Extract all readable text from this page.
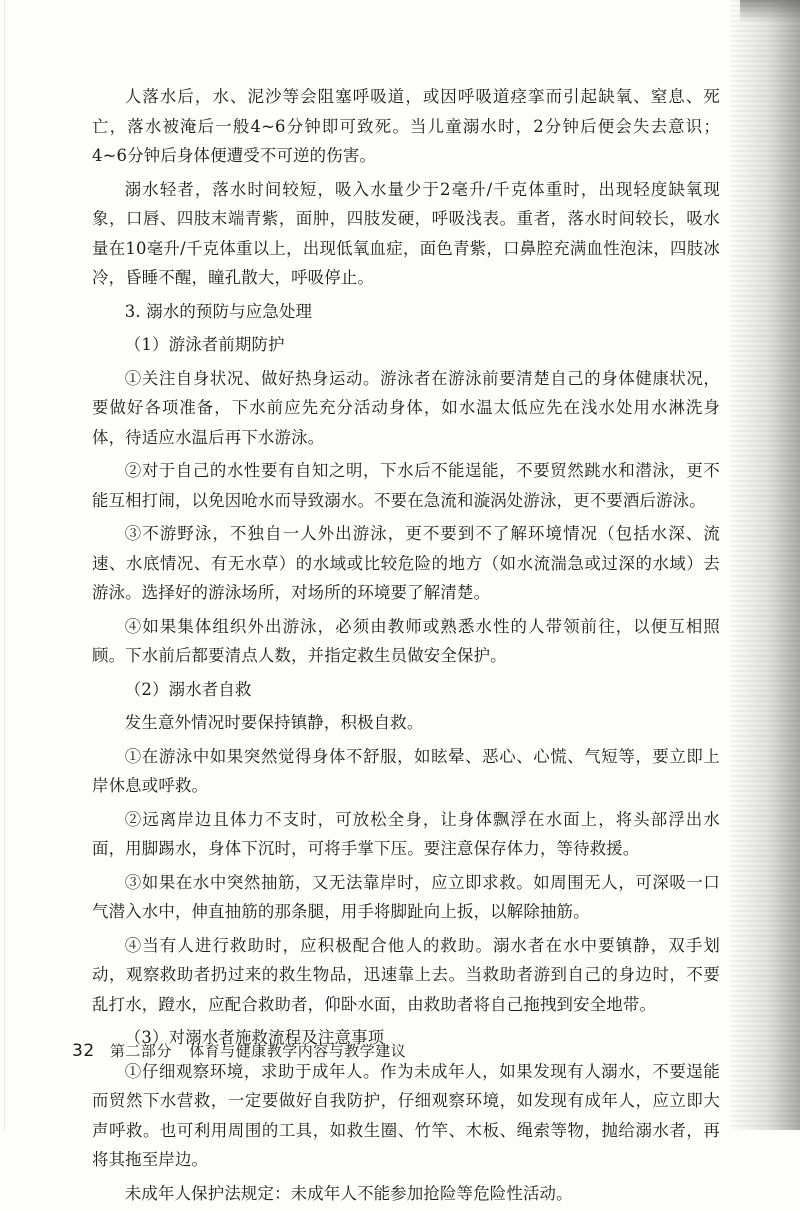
人落水后，水、泥沙等会阻塞呼吸道，或因呼吸道痉挛而引起缺氧、窒息、死亡，落水被淹后一般4~6分钟即可致死。当儿童溺水时，2分钟后便会失去意识；4~6分钟后身体便遭受不可逆的伤害。

溺水轻者，落水时间较短，吸入水量少于2毫升/千克体重时，出现轻度缺氧现象，口唇、四肢末端青紫，面肿，四肢发硬，呼吸浅表。重者，落水时间较长，吸水量在10毫升/千克体重以上，出现低氧血症，面色青紫，口鼻腔充满血性泡沫，四肢冰冷，昏睡不醒，瞳孔散大，呼吸停止。

3. 溺水的预防与应急处理

（1）游泳者前期防护

①关注自身状况、做好热身运动。游泳者在游泳前要清楚自己的身体健康状况，要做好各项准备，下水前应先充分活动身体，如水温太低应先在浅水处用水淋洗身体，待适应水温后再下水游泳。

②对于自己的水性要有自知之明，下水后不能逞能，不要贸然跳水和潜泳，更不能互相打闹，以免因呛水而导致溺水。不要在急流和漩涡处游泳，更不要酒后游泳。

③不游野泳，不独自一人外出游泳，更不要到不了解环境情况（包括水深、流速、水底情况、有无水草）的水域或比较危险的地方（如水流湍急或过深的水域）去游泳。选择好的游泳场所，对场所的环境要了解清楚。

④如果集体组织外出游泳，必须由教师或熟悉水性的人带领前往，以便互相照顾。下水前后都要清点人数，并指定救生员做安全保护。

（2）溺水者自救

发生意外情况时要保持镇静，积极自救。

①在游泳中如果突然觉得身体不舒服，如眩晕、恶心、心慌、气短等，要立即上岸休息或呼救。

②远离岸边且体力不支时，可放松全身，让身体飘浮在水面上，将头部浮出水面，用脚踢水，身体下沉时，可将手掌下压。要注意保存体力，等待救援。

③如果在水中突然抽筋，又无法靠岸时，应立即求救。如周围无人，可深吸一口气潜入水中，伸直抽筋的那条腿，用手将脚趾向上扳，以解除抽筋。

④当有人进行救助时，应积极配合他人的救助。溺水者在水中要镇静，双手划动，观察救助者扔过来的救生物品，迅速靠上去。当救助者游到自己的身边时，不要乱打水，蹬水，应配合救助者，仰卧水面，由救助者将自己拖拽到安全地带。

（3）对溺水者施救流程及注意事项

①仔细观察环境，求助于成年人。作为未成年人，如果发现有人溺水，不要逞能而贸然下水营救，一定要做好自我防护，仔细观察环境，如发现有成年人，应立即大声呼救。也可利用周围的工具，如救生圈、竹竿、木板、绳索等物，抛给溺水者，再将其拖至岸边。

未成年人保护法规定：未成年人不能参加抢险等危险性活动。

32 第二部分 体育与健康教学内容与教学建议
